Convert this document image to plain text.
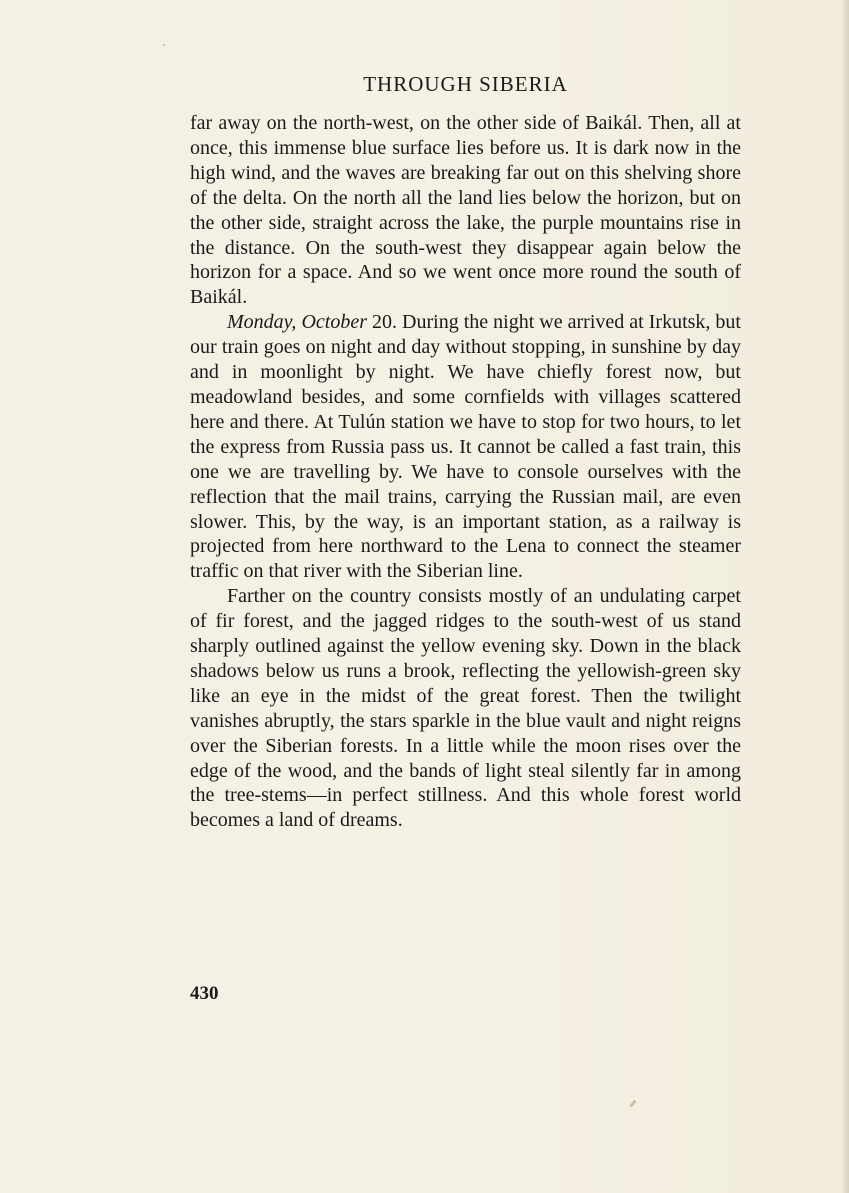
THROUGH SIBERIA

far away on the north-west, on the other side of Baikál. Then, all at once, this immense blue surface lies before us. It is dark now in the high wind, and the waves are breaking far out on this shelving shore of the delta. On the north all the land lies below the horizon, but on the other side, straight across the lake, the purple mountains rise in the distance. On the south-west they disappear again below the horizon for a space. And so we went once more round the south of Baikál.

Monday, October 20. During the night we arrived at Irkutsk, but our train goes on night and day without stopping, in sunshine by day and in moonlight by night. We have chiefly forest now, but meadowland besides, and some cornfields with villages scattered here and there. At Tulún station we have to stop for two hours, to let the express from Russia pass us. It cannot be called a fast train, this one we are travelling by. We have to console ourselves with the reflection that the mail trains, carrying the Russian mail, are even slower. This, by the way, is an important station, as a railway is projected from here northward to the Lena to connect the steamer traffic on that river with the Siberian line.

Farther on the country consists mostly of an undulating carpet of fir forest, and the jagged ridges to the south-west of us stand sharply outlined against the yellow evening sky. Down in the black shadows below us runs a brook, reflecting the yellowish-green sky like an eye in the midst of the great forest. Then the twilight vanishes abruptly, the stars sparkle in the blue vault and night reigns over the Siberian forests. In a little while the moon rises over the edge of the wood, and the bands of light steal silently far in among the tree-stems—in perfect stillness. And this whole forest world becomes a land of dreams.

430
